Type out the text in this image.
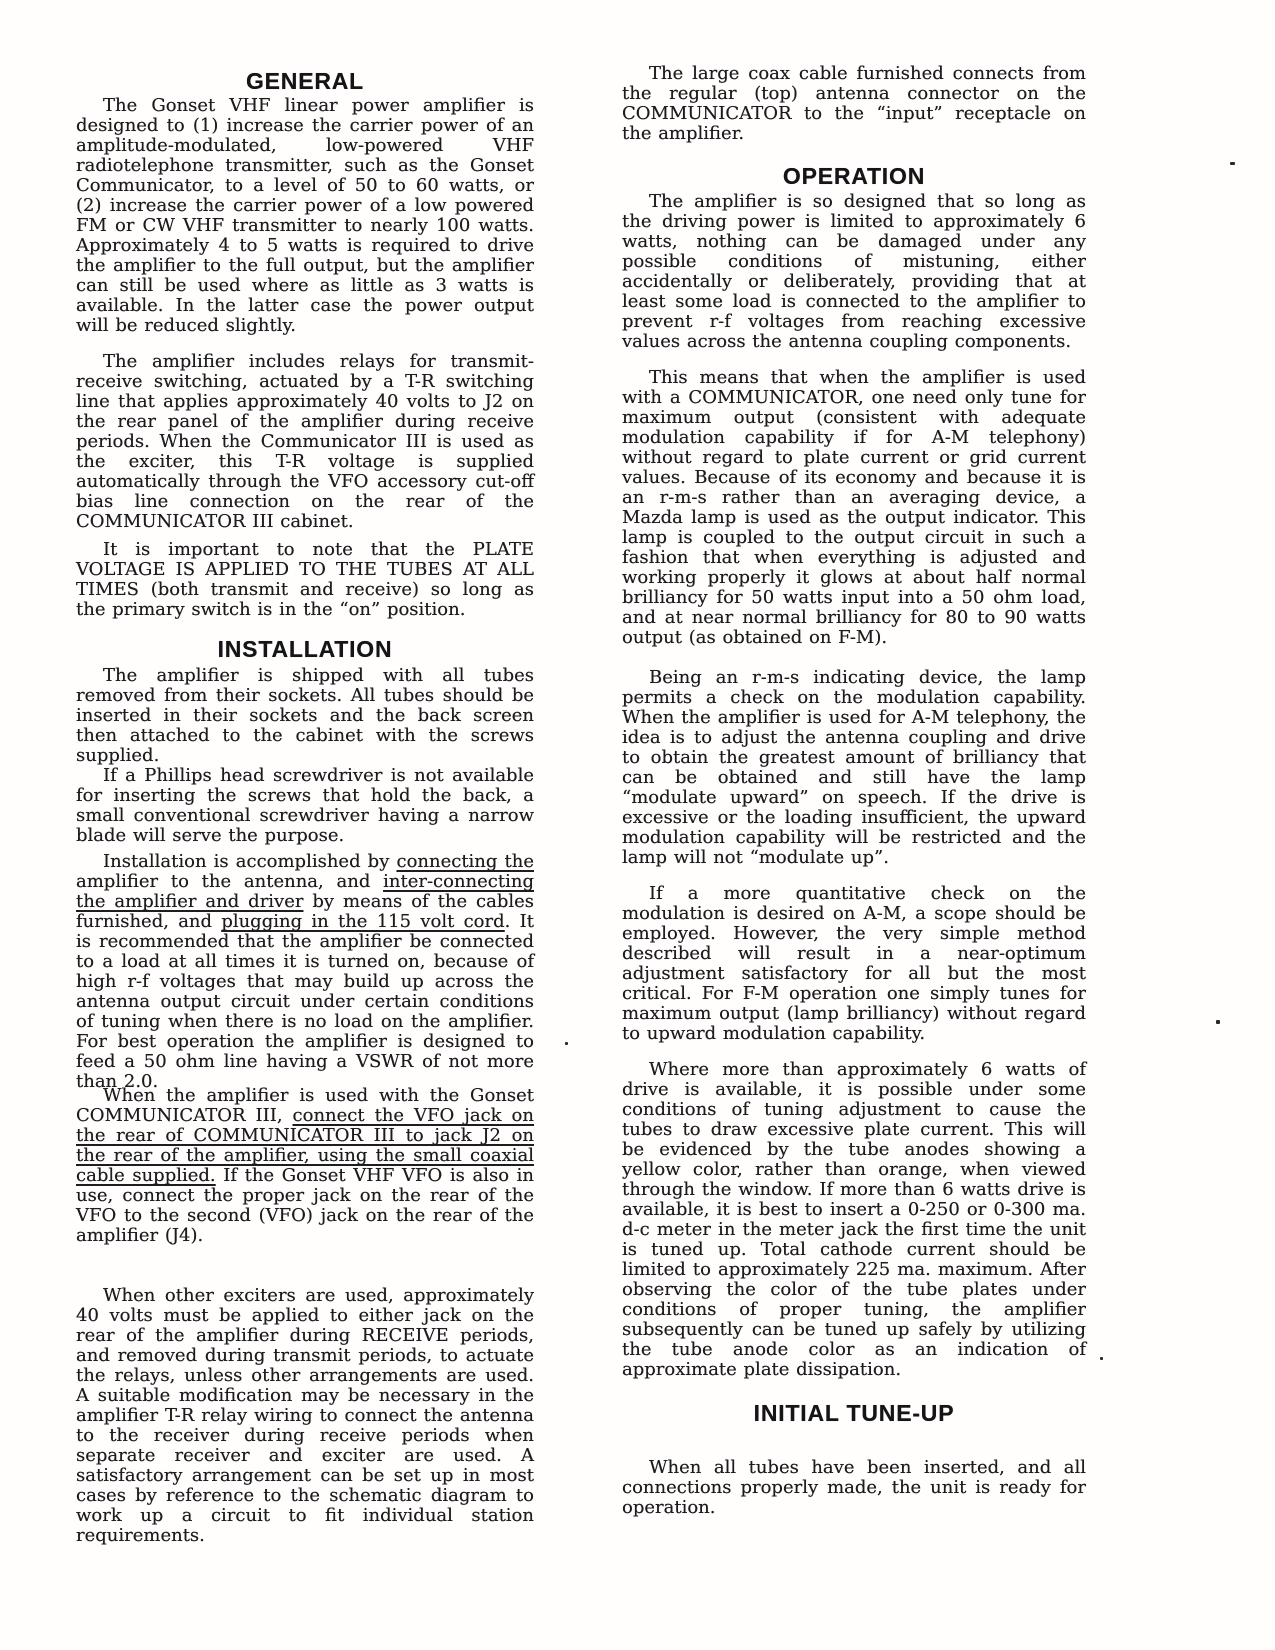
GENERAL

The Gonset VHF linear power amplifier is designed to (1) increase the carrier power of an amplitude-modulated, low-powered VHF radiotelephone transmitter, such as the Gonset Communicator, to a level of 50 to 60 watts, or (2) increase the carrier power of a low powered FM or CW VHF transmitter to nearly 100 watts. Approximately 4 to 5 watts is required to drive the amplifier to the full output, but the amplifier can still be used where as little as 3 watts is available. In the latter case the power output will be reduced slightly.

The amplifier includes relays for transmit-receive switching, actuated by a T-R switching line that applies approximately 40 volts to J2 on the rear panel of the amplifier during receive periods. When the Communicator III is used as the exciter, this T-R voltage is supplied automatically through the VFO accessory cut-off bias line connection on the rear of the COMMUNICATOR III cabinet.

It is important to note that the PLATE VOLTAGE IS APPLIED TO THE TUBES AT ALL TIMES (both transmit and receive) so long as the primary switch is in the “on” position.

INSTALLATION

The amplifier is shipped with all tubes removed from their sockets. All tubes should be inserted in their sockets and the back screen then attached to the cabinet with the screws supplied.

If a Phillips head screwdriver is not available for inserting the screws that hold the back, a small conventional screwdriver having a narrow blade will serve the purpose.

Installation is accomplished by connecting the amplifier to the antenna, and inter-connecting the amplifier and driver by means of the cables furnished, and plugging in the 115 volt cord. It is recommended that the amplifier be connected to a load at all times it is turned on, because of high r-f voltages that may build up across the antenna output circuit under certain conditions of tuning when there is no load on the amplifier. For best operation the amplifier is designed to feed a 50 ohm line having a VSWR of not more than 2.0.

When the amplifier is used with the Gonset COMMUNICATOR III, connect the VFO jack on the rear of COMMUNICATOR III to jack J2 on the rear of the amplifier, using the small coaxial cable supplied. If the Gonset VHF VFO is also in use, connect the proper jack on the rear of the VFO to the second (VFO) jack on the rear of the amplifier (J4).

When other exciters are used, approximately 40 volts must be applied to either jack on the rear of the amplifier during RECEIVE periods, and removed during transmit periods, to actuate the relays, unless other arrangements are used. A suitable modification may be necessary in the amplifier T-R relay wiring to connect the antenna to the receiver during receive periods when separate receiver and exciter are used. A satisfactory arrangement can be set up in most cases by reference to the schematic diagram to work up a circuit to fit individual station requirements.

The large coax cable furnished connects from the regular (top) antenna connector on the COMMUNICATOR to the “input” receptacle on the amplifier.

OPERATION

The amplifier is so designed that so long as the driving power is limited to approximately 6 watts, nothing can be damaged under any possible conditions of mistuning, either accidentally or deliberately, providing that at least some load is connected to the amplifier to prevent r-f voltages from reaching excessive values across the antenna coupling components.

This means that when the amplifier is used with a COMMUNICATOR, one need only tune for maximum output (consistent with adequate modulation capability if for A-M telephony) without regard to plate current or grid current values. Because of its economy and because it is an r-m-s rather than an averaging device, a Mazda lamp is used as the output indicator. This lamp is coupled to the output circuit in such a fashion that when everything is adjusted and working properly it glows at about half normal brilliancy for 50 watts input into a 50 ohm load, and at near normal brilliancy for 80 to 90 watts output (as obtained on F-M).

Being an r-m-s indicating device, the lamp permits a check on the modulation capability. When the amplifier is used for A-M telephony, the idea is to adjust the antenna coupling and drive to obtain the greatest amount of brilliancy that can be obtained and still have the lamp “modulate upward” on speech. If the drive is excessive or the loading insufficient, the upward modulation capability will be restricted and the lamp will not “modulate up”.

If a more quantitative check on the modulation is desired on A-M, a scope should be employed. However, the very simple method described will result in a near-optimum adjustment satisfactory for all but the most critical. For F-M operation one simply tunes for maximum output (lamp brilliancy) without regard to upward modulation capability.

Where more than approximately 6 watts of drive is available, it is possible under some conditions of tuning adjustment to cause the tubes to draw excessive plate current. This will be evidenced by the tube anodes showing a yellow color, rather than orange, when viewed through the window. If more than 6 watts drive is available, it is best to insert a 0-250 or 0-300 ma. d-c meter in the meter jack the first time the unit is tuned up. Total cathode current should be limited to approximately 225 ma. maximum. After observing the color of the tube plates under conditions of proper tuning, the amplifier subsequently can be tuned up safely by utilizing the tube anode color as an indication of approximate plate dissipation.

INITIAL TUNE-UP

When all tubes have been inserted, and all connections properly made, the unit is ready for operation.
